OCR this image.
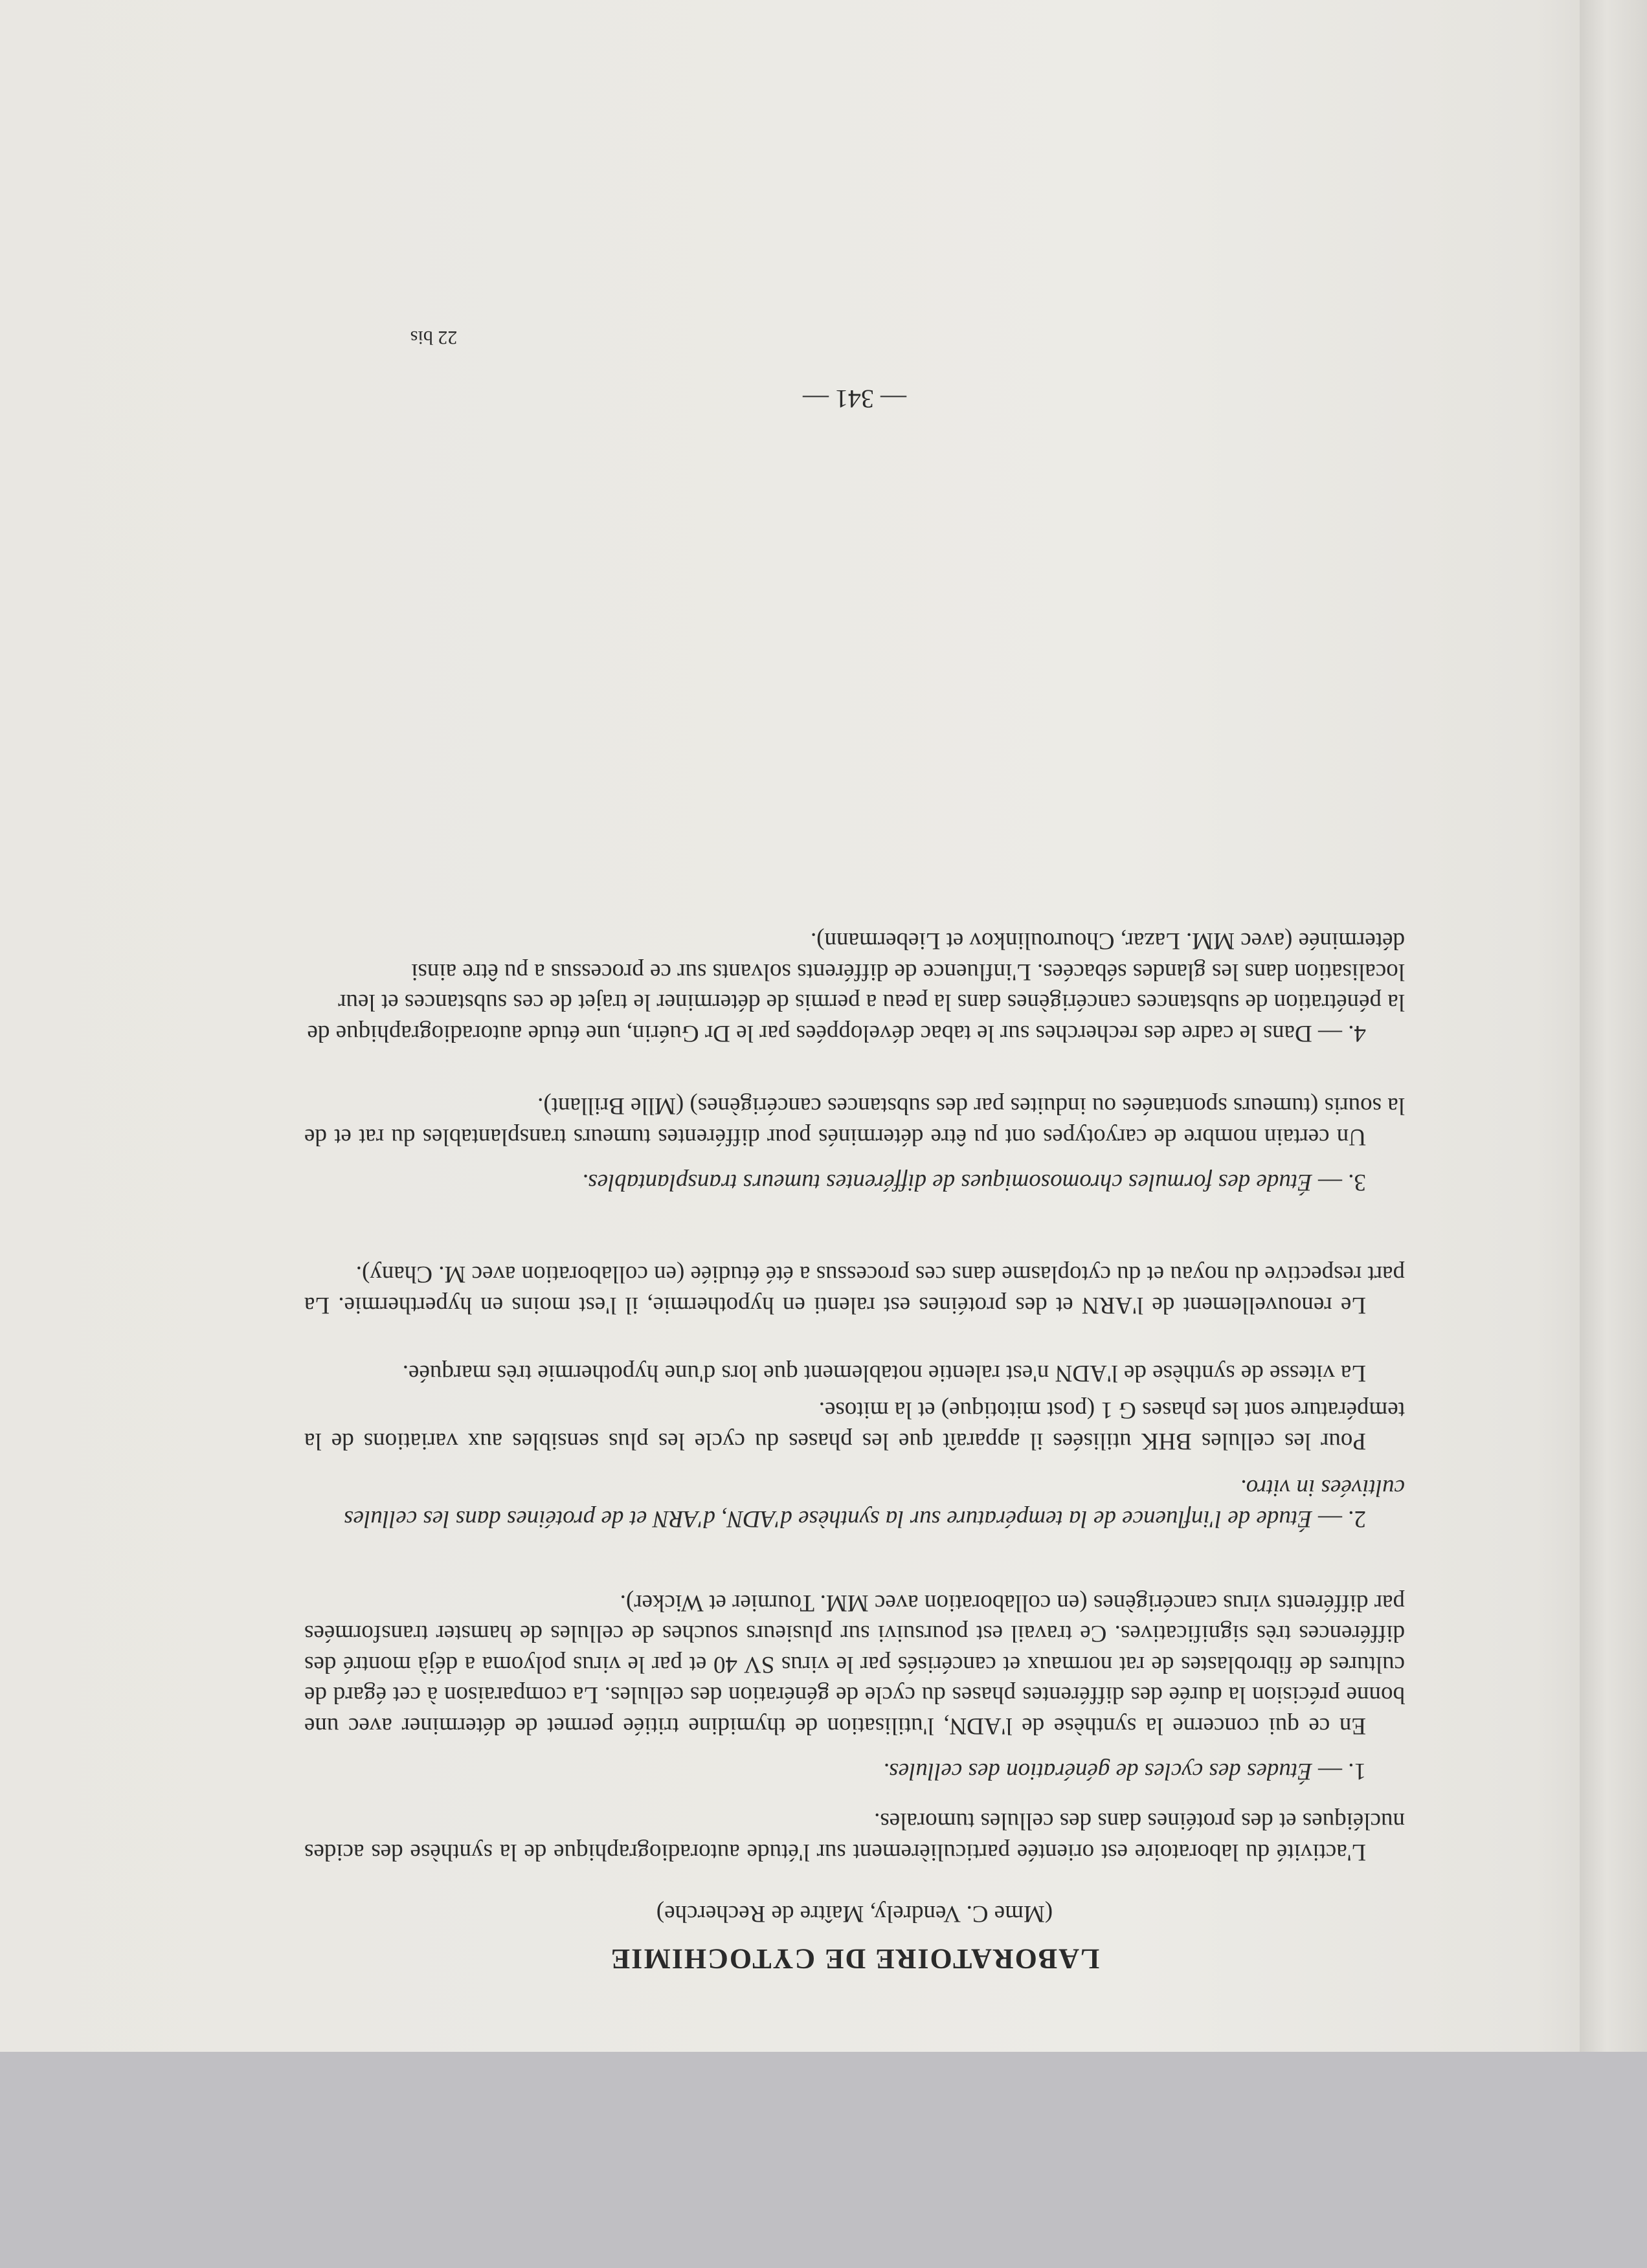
LABORATOIRE DE CYTOCHIMIE
(Mme C. Vendrely, Maître de Recherche)
L'activité du laboratoire est orientée particulièrement sur l'étude autoradiographique de la synthèse des acides nucléiques et des protéines dans des cellules tumorales.
1. — Études des cycles de génération des cellules.
En ce qui concerne la synthèse de l'ADN, l'utilisation de thymidine tritiée permet de déterminer avec une bonne précision la durée des différentes phases du cycle de génération des cellules. La comparaison à cet égard de cultures de fibroblastes de rat normaux et cancérisés par le virus SV 40 et par le virus polyoma a déjà montré des différences très significatives. Ce travail est poursuivi sur plusieurs souches de cellules de hamster transformées par différents virus cancérigènes (en collaboration avec MM. Tournier et Wicker).
2. — Étude de l'influence de la température sur la synthèse d'ADN, d'ARN et de protéines dans les cellules cultivées in vitro.
Pour les cellules BHK utilisées il apparaît que les phases du cycle les plus sensibles aux variations de la température sont les phases G 1 (post mitotique) et la mitose.
La vitesse de synthèse de l'ADN n'est ralentie notablement que lors d'une hypothermie très marquée.
Le renouvellement de l'ARN et des protéines est ralenti en hypothermie, il l'est moins en hyperthermie. La part respective du noyau et du cytoplasme dans ces processus a été étudiée (en collaboration avec M. Chany).
3. — Étude des formules chromosomiques de différentes tumeurs transplantables.
Un certain nombre de caryotypes ont pu être déterminés pour différentes tumeurs transplantables du rat et de la souris (tumeurs spontanées ou induites par des substances cancérigènes) (Mlle Brillant).
4. — Dans le cadre des recherches sur le tabac développées par le Dr Guérin, une étude autoradiographique de la pénétration de substances cancérigènes dans la peau a permis de déterminer le trajet de ces substances et leur localisation dans les glandes sébacées. L'influence de différents solvants sur ce processus a pu être ainsi déterminée (avec MM. Lazar, Chouroulinkov et Liebermann).
— 341 —
22 bis
